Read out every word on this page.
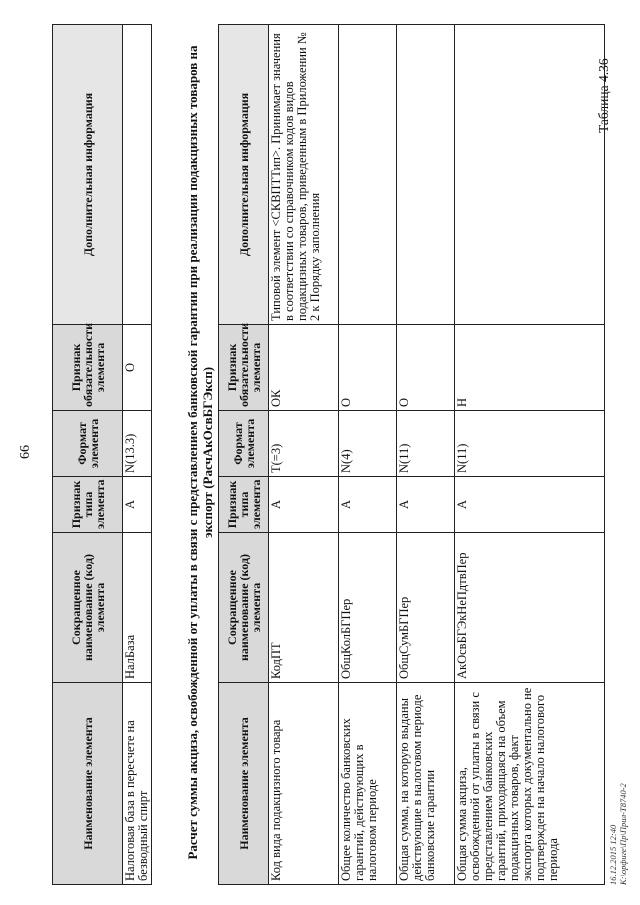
66
Наименование элемента	Сокращенное наименование (код) элемента	Признак типа элемента	Формат элемента	Признак обязательности элемента	Дополнительная информация
Налоговая база в пересчете на безводный спирт	НалБаза	А	N(13.3)	О	
Таблица 4.36
Расчет суммы акциза, освобожденной от уплаты в связи с представлением банковской гарантии при реализации подакцизных товаров на экспорт (РасчАкОсвБГЭксп)
Наименование элемента	Сокращенное наименование (код) элемента	Признак типа элемента	Формат элемента	Признак обязательности элемента	Дополнительная информация
Код вида подакцизного товара	КодПТ	А	T(=3)	ОК	Типовой элемент <СКВПТТип>. Принимает значения в соответствии со справочником кодов видов подакцизных товаров, приведенным в Приложении № 2 к Порядку заполнения
Общее количество банковских гарантий, действующих в налоговом периоде	ОбщКолБГПер	А	N(4)	О	
Общая сумма, на которую выданы действующие в налоговом периоде банковские гарантии	ОбщСумБГПер	А	N(11)	О	
Общая сумма акциза, освобожденной от уплаты в связи с представлением банковских гарантий, приходящаяся на объем подакцизных товаров, факт экспорта которых документально не подтвержден на начало налогового периода	АкОсвБГЭкНеПдтвПер	А	N(11)	Н	
16.12.2015 12:40 К:\орфиге\Пр\Прил-Т8740-2
